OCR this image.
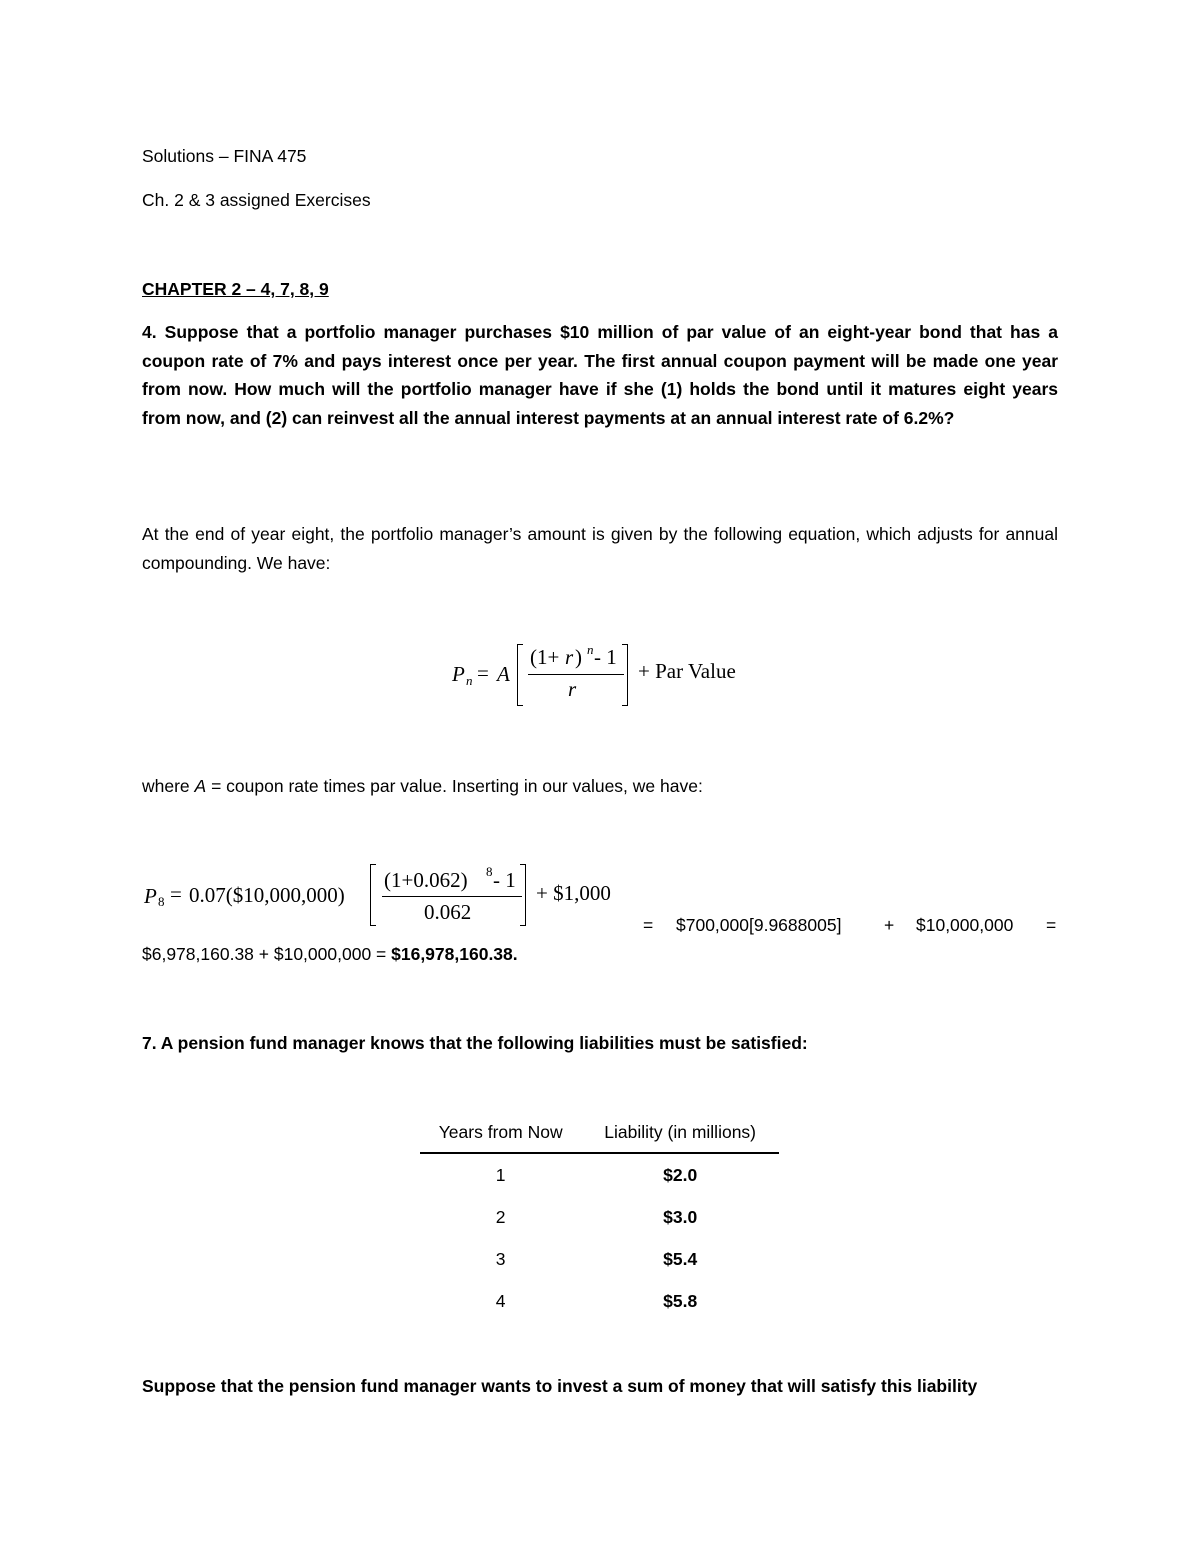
Solutions – FINA 475
Ch. 2 & 3 assigned Exercises
CHAPTER 2 – 4, 7, 8, 9
4. Suppose that a portfolio manager purchases $10 million of par value of an eight-year bond that has a coupon rate of 7% and pays interest once per year. The first annual coupon payment will be made one year from now. How much will the portfolio manager have if she (1) holds the bond until it matures eight years from now, and (2) can reinvest all the annual interest payments at an annual interest rate of 6.2%?
At the end of year eight, the portfolio manager’s amount is given by the following equation, which adjusts for annual compounding. We have:
P n = A
(1+ r ) n - 1
r
+ Par Value
where A = coupon rate times par value. Inserting in our values, we have:
P 8 = 0.07($10,000,000)
(1+0.062) 8 - 1
0.062
+ $1,000
= $700,000[9.9688005] + $10,000,000 =
$6,978,160.38 + $10,000,000 = $16,978,160.38.
7. A pension fund manager knows that the following liabilities must be satisfied:
Years from Now	Liability (in millions)
1	$2.0
2	$3.0
3	$5.4
4	$5.8
Suppose that the pension fund manager wants to invest a sum of money that will satisfy this liability
